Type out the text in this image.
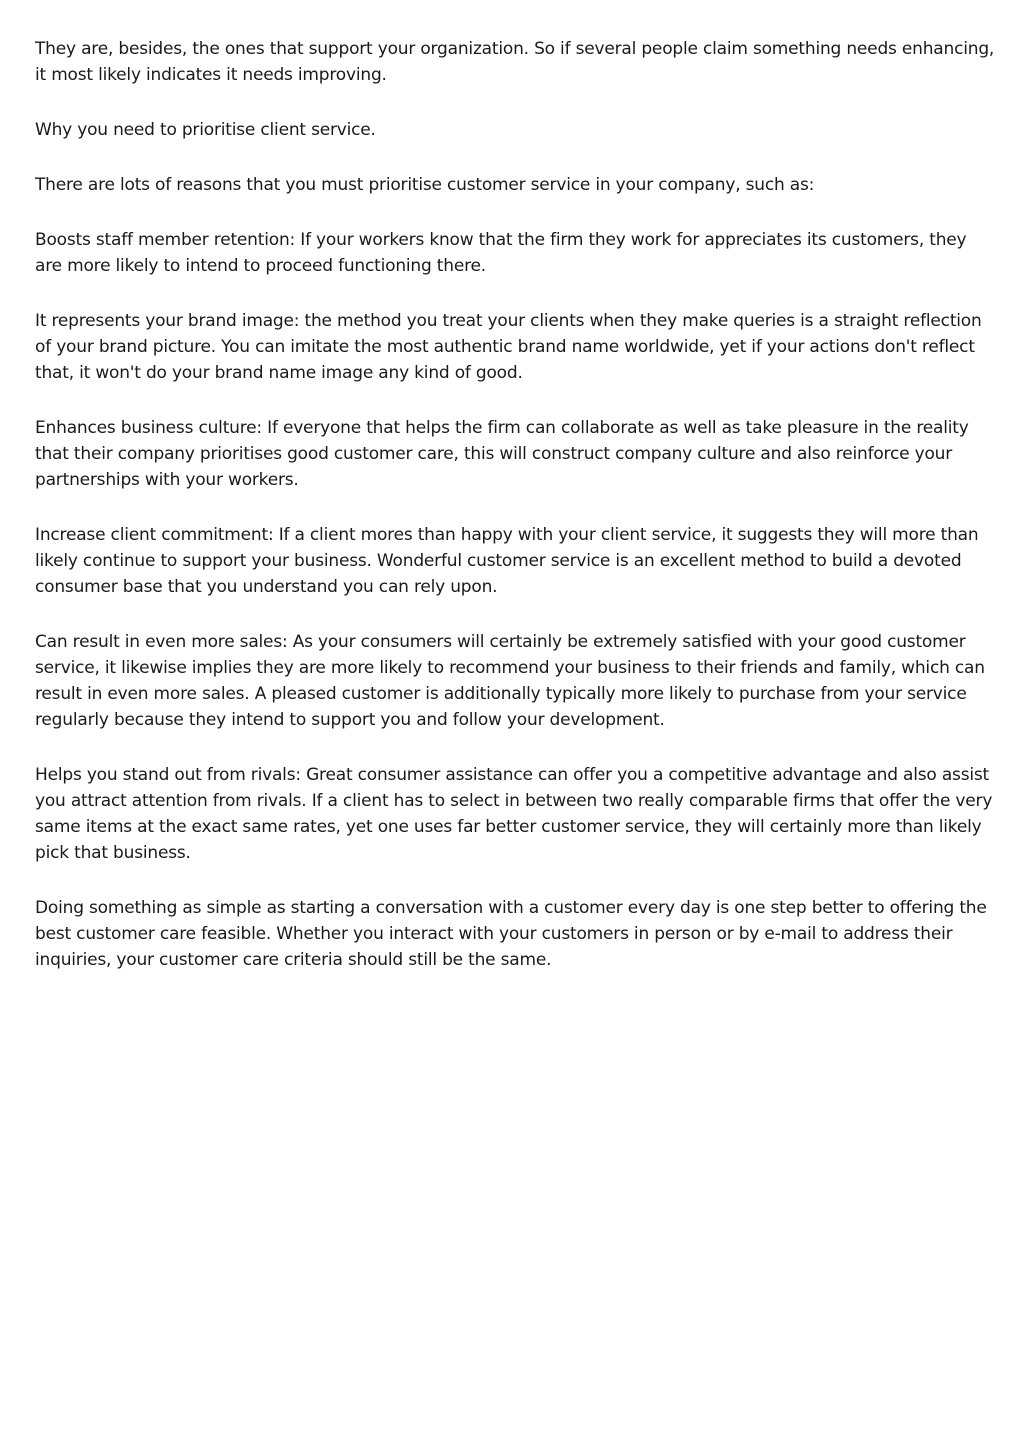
They are, besides, the ones that support your organization. So if several people claim something needs enhancing, it most likely indicates it needs improving.

Why you need to prioritise client service.

There are lots of reasons that you must prioritise customer service in your company, such as:

Boosts staff member retention: If your workers know that the firm they work for appreciates its customers, they are more likely to intend to proceed functioning there.

It represents your brand image: the method you treat your clients when they make queries is a straight reflection of your brand picture. You can imitate the most authentic brand name worldwide, yet if your actions don't reflect that, it won't do your brand name image any kind of good.

Enhances business culture: If everyone that helps the firm can collaborate as well as take pleasure in the reality that their company prioritises good customer care, this will construct company culture and also reinforce your partnerships with your workers.

Increase client commitment: If a client mores than happy with your client service, it suggests they will more than likely continue to support your business. Wonderful customer service is an excellent method to build a devoted consumer base that you understand you can rely upon.

Can result in even more sales: As your consumers will certainly be extremely satisfied with your good customer service, it likewise implies they are more likely to recommend your business to their friends and family, which can result in even more sales. A pleased customer is additionally typically more likely to purchase from your service regularly because they intend to support you and follow your development.

Helps you stand out from rivals: Great consumer assistance can offer you a competitive advantage and also assist you attract attention from rivals. If a client has to select in between two really comparable firms that offer the very same items at the exact same rates, yet one uses far better customer service, they will certainly more than likely pick that business.

Doing something as simple as starting a conversation with a customer every day is one step better to offering the best customer care feasible. Whether you interact with your customers in person or by e-mail to address their inquiries, your customer care criteria should still be the same.
